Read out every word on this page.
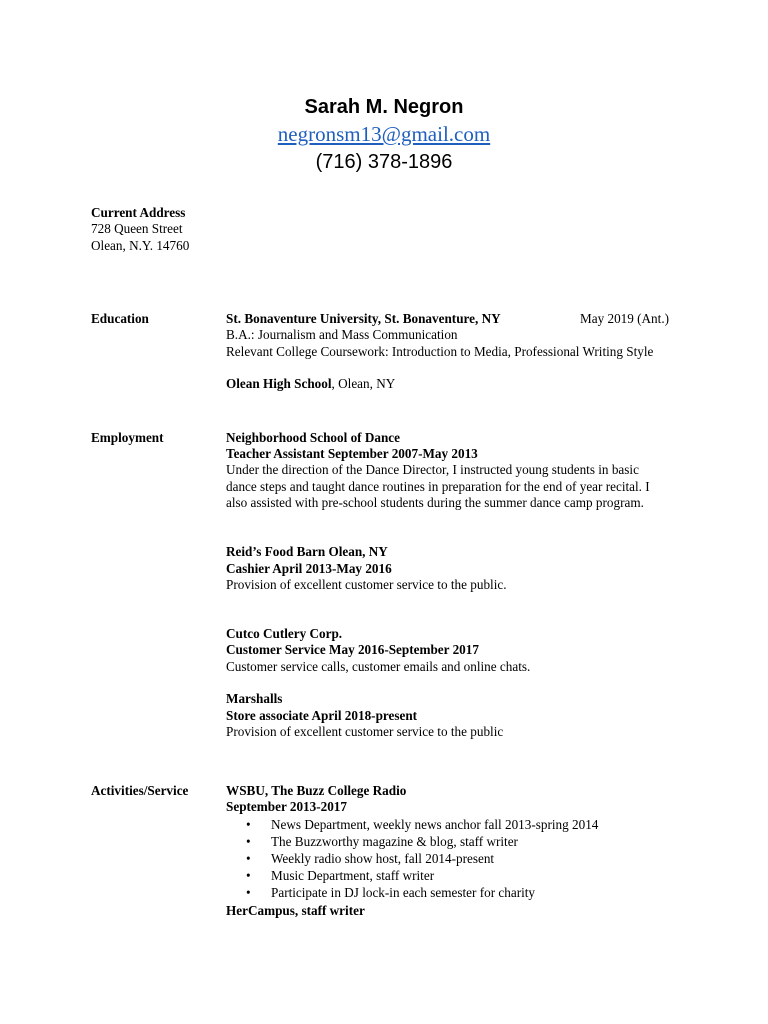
Sarah M. Negron
negronsm13@gmail.com
(716) 378-1896
Current Address
728 Queen Street
Olean, N.Y. 14760
Education	St. Bonaventure University, St. Bonaventure, NY	May 2019 (Ant.)
B.A.: Journalism and Mass Communication
Relevant College Coursework: Introduction to Media, Professional Writing Style
Olean High School, Olean, NY
Employment	Neighborhood School of Dance
Teacher Assistant September 2007-May 2013
Under the direction of the Dance Director, I instructed young students in basic
dance steps and taught dance routines in preparation for the end of year recital. I
also assisted with pre-school students during the summer dance camp program.
Reid’s Food Barn Olean, NY
Cashier April 2013-May 2016
Provision of excellent customer service to the public.
Cutco Cutlery Corp.
Customer Service May 2016-September 2017
Customer service calls, customer emails and online chats.
Marshalls
Store associate April 2018-present
Provision of excellent customer service to the public
Activities/Service	WSBU, The Buzz College Radio
September 2013-2017
• News Department, weekly news anchor fall 2013-spring 2014
• The Buzzworthy magazine & blog, staff writer
• Weekly radio show host, fall 2014-present
• Music Department, staff writer
• Participate in DJ lock-in each semester for charity
HerCampus, staff writer
